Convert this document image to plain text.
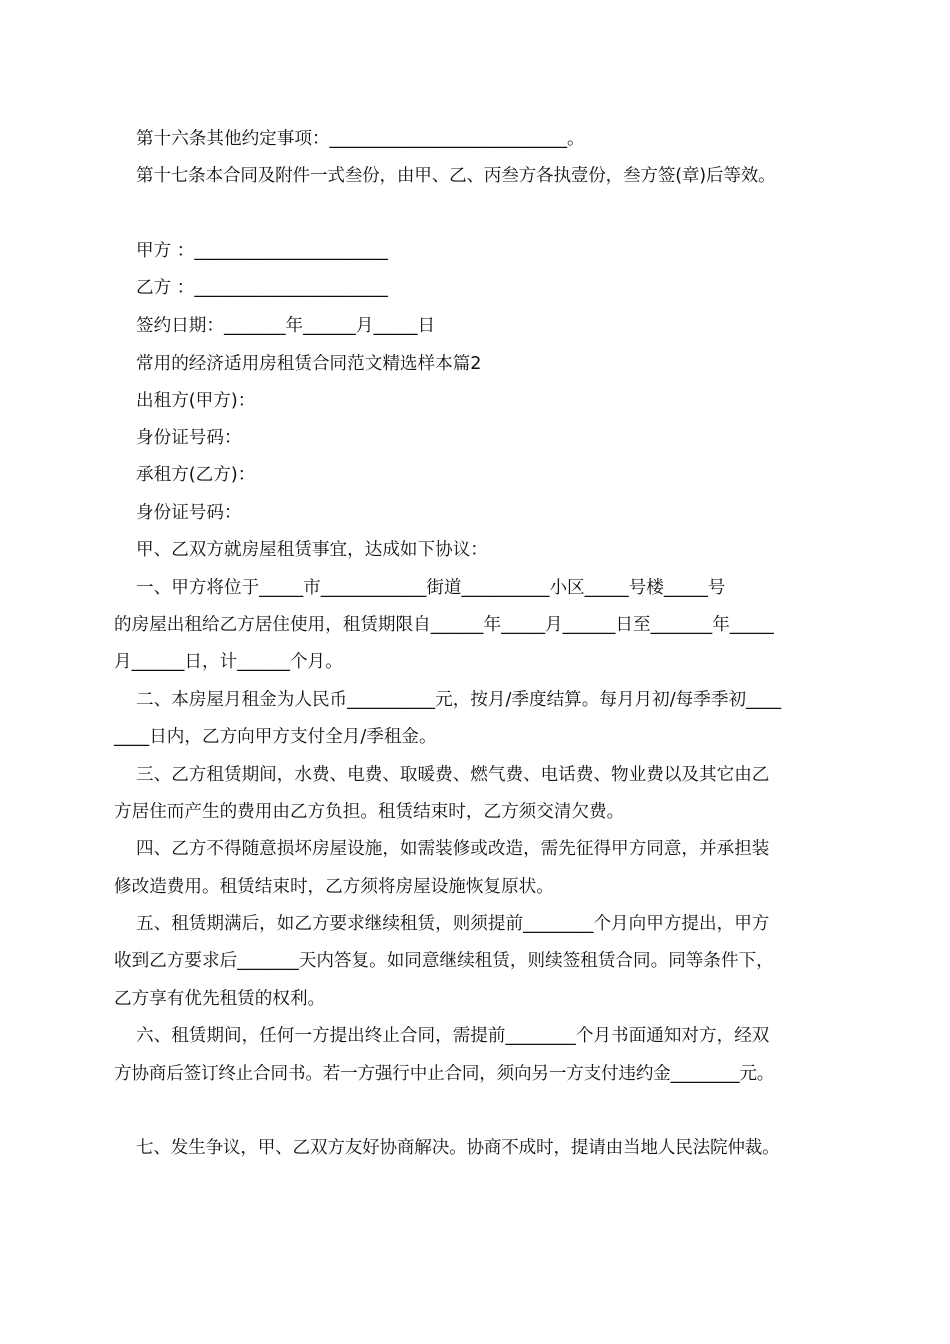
第十六条其他约定事项：___________________________。
第十七条本合同及附件一式叁份，由甲、乙、丙叁方各执壹份，叁方签(章)后等效。
甲方 ：______________________
乙方 ：______________________
签约日期：_______年______月_____日
常用的经济适用房租赁合同范文精选样本篇2
出租方(甲方)：
身份证号码：
承租方(乙方)：
身份证号码：
甲、乙双方就房屋租赁事宜，达成如下协议：
一、甲方将位于_____市____________街道__________小区_____号楼_____号
的房屋出租给乙方居住使用，租赁期限自______年_____月______日至_______年_____
月______日，计______个月。
二、本房屋月租金为人民币__________元，按月/季度结算。每月月初/每季季初____
____日内，乙方向甲方支付全月/季租金。
三、乙方租赁期间，水费、电费、取暖费、燃气费、电话费、物业费以及其它由乙
方居住而产生的费用由乙方负担。租赁结束时，乙方须交清欠费。
四、乙方不得随意损坏房屋设施，如需装修或改造，需先征得甲方同意，并承担装
修改造费用。租赁结束时，乙方须将房屋设施恢复原状。
五、租赁期满后，如乙方要求继续租赁，则须提前________个月向甲方提出，甲方
收到乙方要求后_______天内答复。如同意继续租赁，则续签租赁合同。同等条件下，
乙方享有优先租赁的权利。
六、租赁期间，任何一方提出终止合同，需提前________个月书面通知对方，经双
方协商后签订终止合同书。若一方强行中止合同，须向另一方支付违约金________元。
七、发生争议，甲、乙双方友好协商解决。协商不成时，提请由当地人民法院仲裁。
